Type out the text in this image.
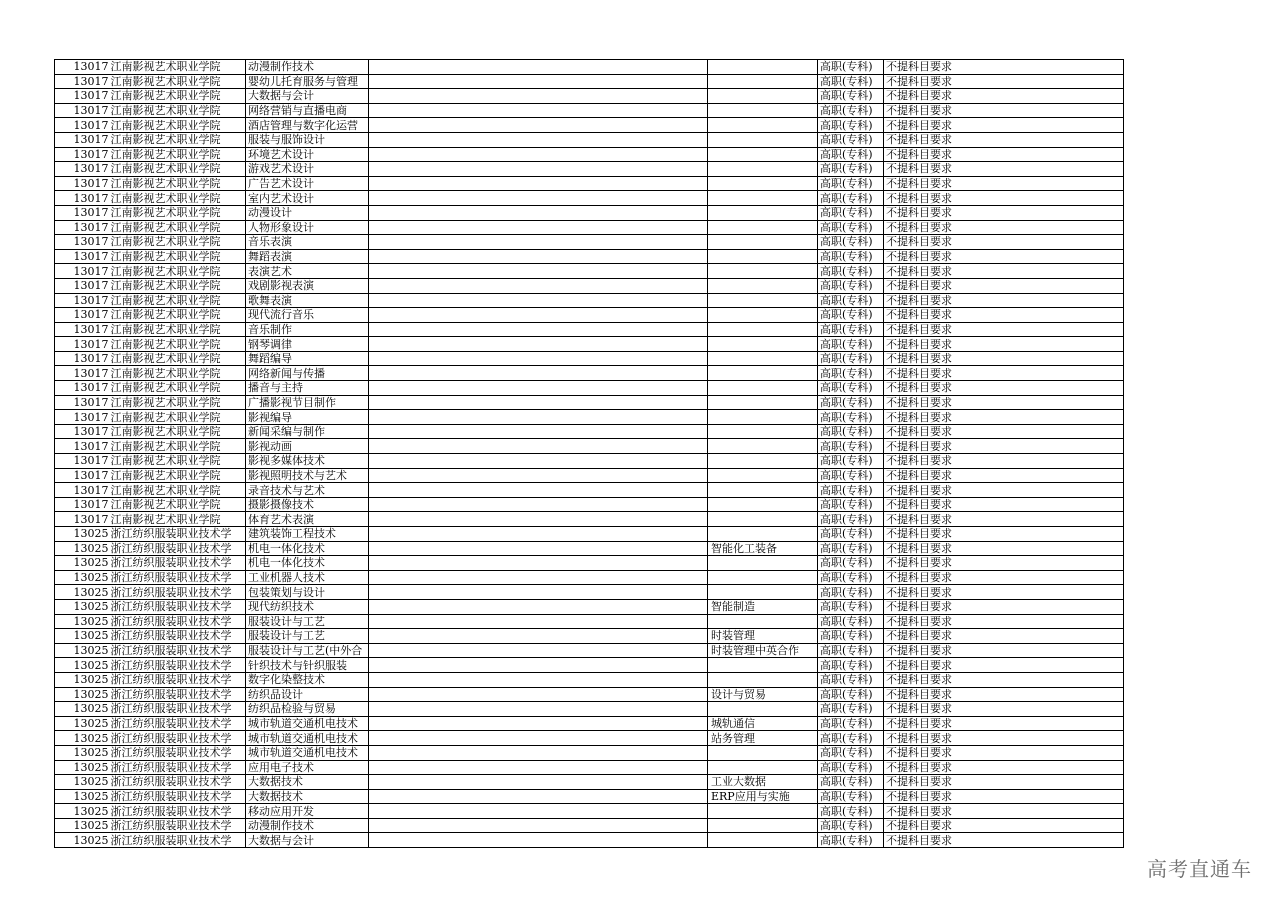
13017	江南影视艺术职业学院	动漫制作技术			高职(专科)	不提科目要求
13017	江南影视艺术职业学院	婴幼儿托育服务与管理			高职(专科)	不提科目要求
13017	江南影视艺术职业学院	大数据与会计			高职(专科)	不提科目要求
13017	江南影视艺术职业学院	网络营销与直播电商			高职(专科)	不提科目要求
13017	江南影视艺术职业学院	酒店管理与数字化运营			高职(专科)	不提科目要求
13017	江南影视艺术职业学院	服装与服饰设计			高职(专科)	不提科目要求
13017	江南影视艺术职业学院	环境艺术设计			高职(专科)	不提科目要求
13017	江南影视艺术职业学院	游戏艺术设计			高职(专科)	不提科目要求
13017	江南影视艺术职业学院	广告艺术设计			高职(专科)	不提科目要求
13017	江南影视艺术职业学院	室内艺术设计			高职(专科)	不提科目要求
13017	江南影视艺术职业学院	动漫设计			高职(专科)	不提科目要求
13017	江南影视艺术职业学院	人物形象设计			高职(专科)	不提科目要求
13017	江南影视艺术职业学院	音乐表演			高职(专科)	不提科目要求
13017	江南影视艺术职业学院	舞蹈表演			高职(专科)	不提科目要求
13017	江南影视艺术职业学院	表演艺术			高职(专科)	不提科目要求
13017	江南影视艺术职业学院	戏剧影视表演			高职(专科)	不提科目要求
13017	江南影视艺术职业学院	歌舞表演			高职(专科)	不提科目要求
13017	江南影视艺术职业学院	现代流行音乐			高职(专科)	不提科目要求
13017	江南影视艺术职业学院	音乐制作			高职(专科)	不提科目要求
13017	江南影视艺术职业学院	钢琴调律			高职(专科)	不提科目要求
13017	江南影视艺术职业学院	舞蹈编导			高职(专科)	不提科目要求
13017	江南影视艺术职业学院	网络新闻与传播			高职(专科)	不提科目要求
13017	江南影视艺术职业学院	播音与主持			高职(专科)	不提科目要求
13017	江南影视艺术职业学院	广播影视节目制作			高职(专科)	不提科目要求
13017	江南影视艺术职业学院	影视编导			高职(专科)	不提科目要求
13017	江南影视艺术职业学院	新闻采编与制作			高职(专科)	不提科目要求
13017	江南影视艺术职业学院	影视动画			高职(专科)	不提科目要求
13017	江南影视艺术职业学院	影视多媒体技术			高职(专科)	不提科目要求
13017	江南影视艺术职业学院	影视照明技术与艺术			高职(专科)	不提科目要求
13017	江南影视艺术职业学院	录音技术与艺术			高职(专科)	不提科目要求
13017	江南影视艺术职业学院	摄影摄像技术			高职(专科)	不提科目要求
13017	江南影视艺术职业学院	体育艺术表演			高职(专科)	不提科目要求
13025	浙江纺织服装职业技术学	建筑装饰工程技术			高职(专科)	不提科目要求
13025	浙江纺织服装职业技术学	机电一体化技术		智能化工装备	高职(专科)	不提科目要求
13025	浙江纺织服装职业技术学	机电一体化技术			高职(专科)	不提科目要求
13025	浙江纺织服装职业技术学	工业机器人技术			高职(专科)	不提科目要求
13025	浙江纺织服装职业技术学	包装策划与设计			高职(专科)	不提科目要求
13025	浙江纺织服装职业技术学	现代纺织技术		智能制造	高职(专科)	不提科目要求
13025	浙江纺织服装职业技术学	服装设计与工艺			高职(专科)	不提科目要求
13025	浙江纺织服装职业技术学	服装设计与工艺		时装管理	高职(专科)	不提科目要求
13025	浙江纺织服装职业技术学	服装设计与工艺(中外合		时装管理中英合作	高职(专科)	不提科目要求
13025	浙江纺织服装职业技术学	针织技术与针织服装			高职(专科)	不提科目要求
13025	浙江纺织服装职业技术学	数字化染整技术			高职(专科)	不提科目要求
13025	浙江纺织服装职业技术学	纺织品设计		设计与贸易	高职(专科)	不提科目要求
13025	浙江纺织服装职业技术学	纺织品检验与贸易			高职(专科)	不提科目要求
13025	浙江纺织服装职业技术学	城市轨道交通机电技术		城轨通信	高职(专科)	不提科目要求
13025	浙江纺织服装职业技术学	城市轨道交通机电技术		站务管理	高职(专科)	不提科目要求
13025	浙江纺织服装职业技术学	城市轨道交通机电技术			高职(专科)	不提科目要求
13025	浙江纺织服装职业技术学	应用电子技术			高职(专科)	不提科目要求
13025	浙江纺织服装职业技术学	大数据技术		工业大数据	高职(专科)	不提科目要求
13025	浙江纺织服装职业技术学	大数据技术		ERP应用与实施	高职(专科)	不提科目要求
13025	浙江纺织服装职业技术学	移动应用开发			高职(专科)	不提科目要求
13025	浙江纺织服装职业技术学	动漫制作技术			高职(专科)	不提科目要求
13025	浙江纺织服装职业技术学	大数据与会计			高职(专科)	不提科目要求
高考直通车
